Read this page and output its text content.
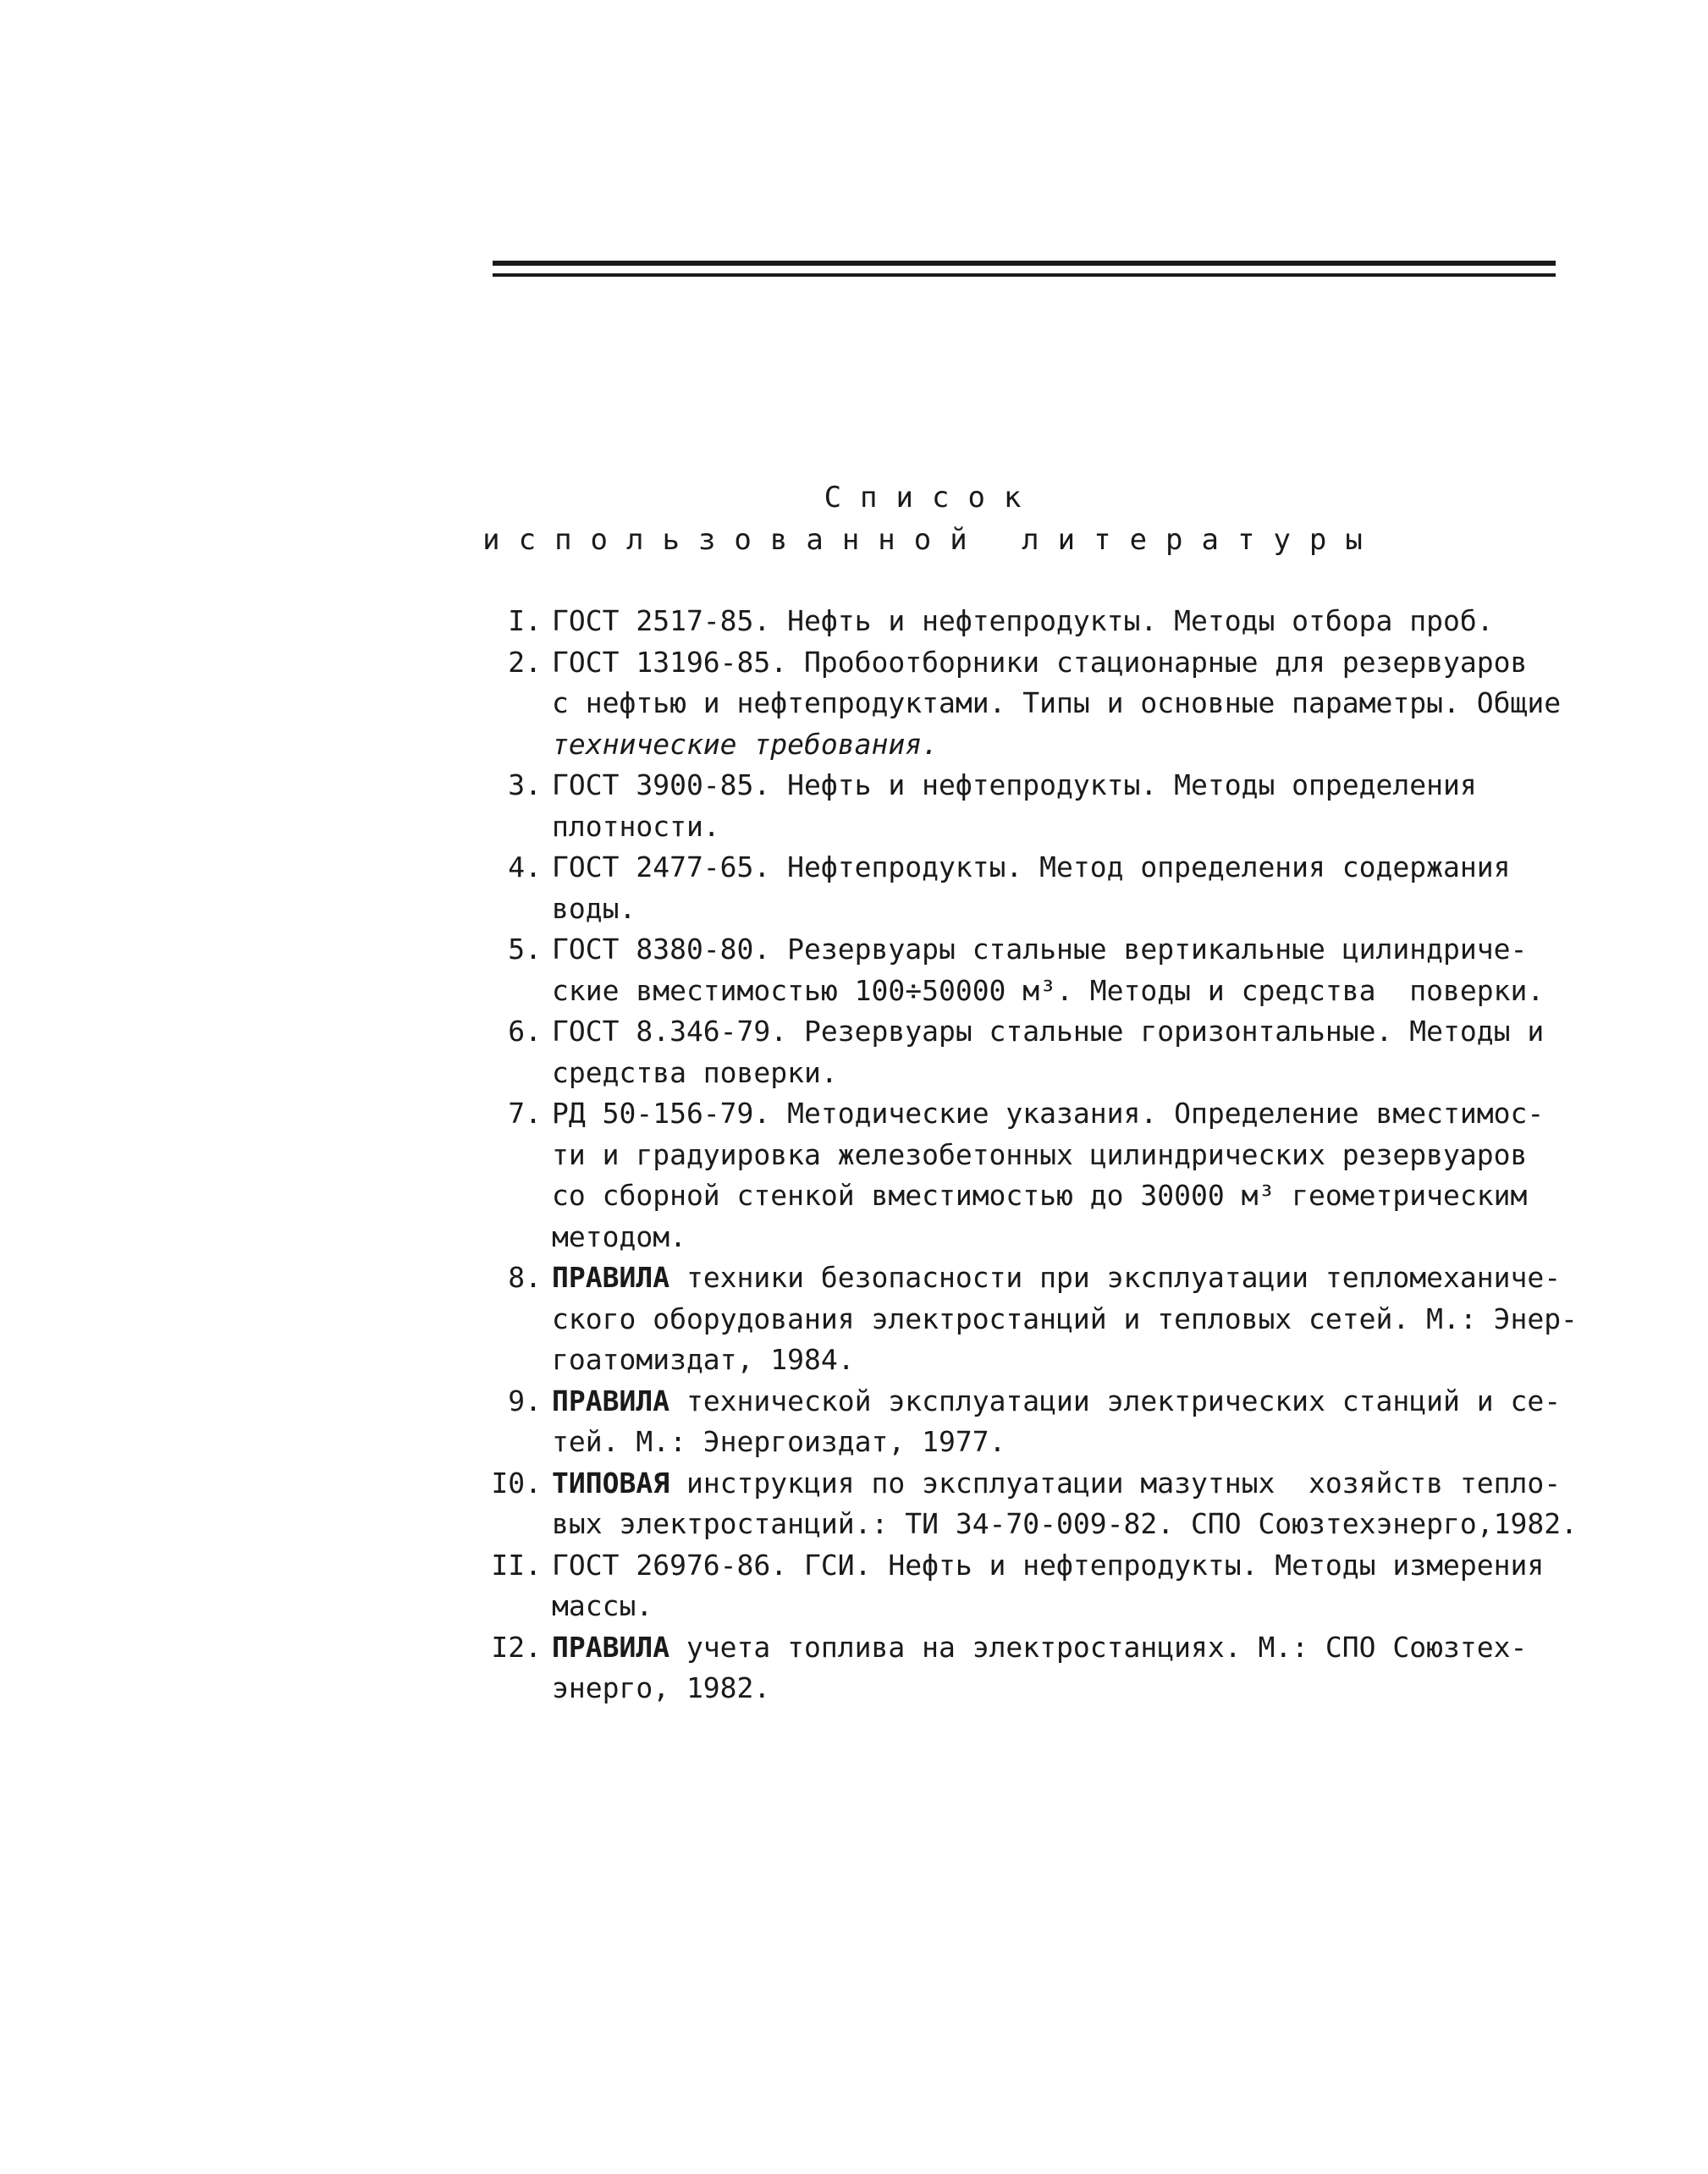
Список
использованной литературы
I. ГОСТ 2517-85. Нефть и нефтепродукты. Методы отбора проб.
2. ГОСТ 13196-85. Пробоотборники стационарные для резервуаров
с нефтью и нефтепродуктами. Типы и основные параметры. Общие
технические требования.
3. ГОСТ 3900-85. Нефть и нефтепродукты. Методы определения
плотности.
4. ГОСТ 2477-65. Нефтепродукты. Метод определения содержания
воды.
5. ГОСТ 8380-80. Резервуары стальные вертикальные цилиндриче-
ские вместимостью 100÷50000 м³. Методы и средства  поверки.
6. ГОСТ 8.346-79. Резервуары стальные горизонтальные. Методы и
средства поверки.
7. РД 50-156-79. Методические указания. Определение вместимос-
ти и градуировка железобетонных цилиндрических резервуаров
со сборной стенкой вместимостью до 30000 м³ геометрическим
методом.
8. ПРАВИЛА техники безопасности при эксплуатации тепломеханиче-
ского оборудования электростанций и тепловых сетей. М.: Энер-
гоатомиздат, 1984.
9. ПРАВИЛА технической эксплуатации электрических станций и се-
тей. М.: Энергоиздат, 1977.
I0. ТИПОВАЯ инструкция по эксплуатации мазутных  хозяйств тепло-
вых электростанций.: ТИ 34-70-009-82. СПО Союзтехэнерго,1982.
II. ГОСТ 26976-86. ГСИ. Нефть и нефтепродукты. Методы измерения
массы.
I2. ПРАВИЛА учета топлива на электростанциях. М.: СПО Союзтех-
энерго, 1982.
